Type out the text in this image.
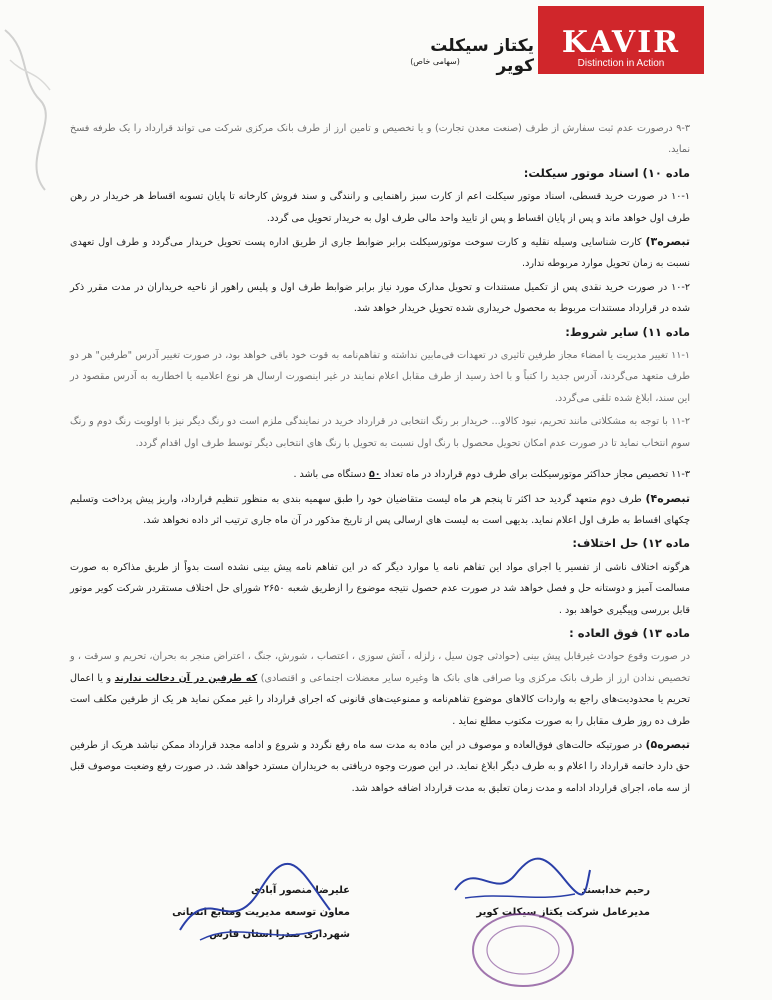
KAVIR
Distinction in Action
یکتاز سیکلت کویر
(سهامی خاص)

۹-۳ درصورت عدم ثبت سفارش از طرف (صنعت معدن تجارت) و یا تخصیص و تامین ارز از طرف بانک مرکزی شرکت می تواند قرارداد را یک طرفه فسخ نماید.

ماده ۱۰) اسناد موتور سیکلت:

۱۰-۱ در صورت خرید قسطی، اسناد موتور سیکلت اعم از کارت سبز راهنمایی و رانندگی و سند فروش کارخانه تا پایان تسویه اقساط هر خریدار در رهن طرف اول خواهد ماند و پس از پایان اقساط و پس از تایید واحد مالی طرف اول به خریدار تحویل می گردد.

تبصره۳) کارت شناسایی وسیله نقلیه و کارت سوخت موتورسیکلت برابر ضوابط جاری از طریق اداره پست تحویل خریدار می‌گردد و طرف اول تعهدی نسبت به زمان تحویل موارد مربوطه ندارد.

۱۰-۲ در صورت خرید نقدی پس از تکمیل مستندات و تحویل مدارک مورد نیاز برابر ضوابط طرف اول و پلیس راهور از ناحیه خریداران در مدت مقرر ذکر شده در قرارداد مستندات مربوط به محصول خریداری شده تحویل خریدار خواهد شد.

ماده ۱۱) سایر شروط:

۱۱-۱ تغییر مدیریت یا امضاء مجاز طرفین تاثیری در تعهدات فی‌مابین نداشته و تفاهم‌نامه به قوت خود باقی خواهد بود، در صورت تغییر آدرس "طرفین" هر دو طرف متعهد می‌گردند، آدرس جدید را کتباً و با اخذ رسید از طرف مقابل اعلام نمایند در غیر اینصورت ارسال هر نوع اعلامیه یا اخطاریه به آدرس مقصود در این سند، ابلاغ شده تلقی می‌گردد.

۱۱-۲ با توجه به مشکلاتی مانند تحریم، نبود کالاو... خریدار بر رنگ انتخابی در قرارداد خرید در نمایندگی ملزم است دو رنگ دیگر نیز با اولویت رنگ دوم و رنگ سوم انتخاب نماید تا در صورت عدم امکان تحویل محصول با رنگ اول نسبت به تحویل با رنگ های انتخابی دیگر توسط طرف اول اقدام گردد.

۱۱-۳ تخصیص مجاز حداکثر موتورسیکلت برای طرف دوم قرارداد در ماه تعداد ۵۰ دستگاه می باشد .

تبصره۴) طرف دوم متعهد گردید حد اکثر تا پنجم هر ماه لیست متقاضیان خود را طبق سهمیه بندی به منظور تنظیم قرارداد، واریز پیش پرداخت وتسلیم چکهای اقساط به طرف اول اعلام نماید. بدیهی است به لیست های ارسالی پس از تاریخ مذکور در آن ماه جاری ترتیب اثر داده نخواهد شد.

ماده ۱۲) حل اختلاف:

هرگونه اختلاف ناشی از تفسیر یا اجرای مواد این تفاهم نامه یا موارد دیگر که در این تفاهم نامه پیش بینی نشده است بدواً از طریق مذاکره به صورت مسالمت آمیز و دوستانه حل و فصل خواهد شد در صورت عدم حصول نتیجه موضوع را ازطریق شعبه ۲۶۵۰ شورای حل اختلاف مستقردر شرکت کویر موتور قابل بررسی وپیگیری خواهد بود .

ماده ۱۳) فوق العاده :

در صورت وقوع حوادث غیرقابل پیش بینی (حوادثی چون سیل ، زلزله ، آتش سوزی ، اعتصاب ، شورش، جنگ ، اعتراض منجر به بحران، تحریم و سرقت ، و تخصیص ندادن ارز از طرف بانک مرکزی وبا صرافی های بانک ها وغیره سایر معضلات اجتماعی و اقتصادی) که طرفین در آن دخالت ندارند و یا اعمال تحریم یا محدودیت‌های راجع به واردات کالاهای موضوع تفاهم‌نامه و ممنوعیت‌های قانونی که اجرای قرارداد را غیر ممکن نماید هر یک از طرفین مکلف است طرف ده روز طرف مقابل را به صورت مکتوب مطلع نماید .

تبصره۵) در صورتیکه حالت‌های فوق‌العاده و موصوف در این ماده به مدت سه ماه رفع نگردد و شروع و ادامه مجدد قرارداد ممکن نباشد هریک از طرفین حق دارد خاتمه قرارداد را اعلام و به طرف دیگر ابلاغ نماید. در این صورت وجوه دریافتی به خریداران مسترد خواهد شد. در صورت رفع وضعیت موصوف قبل از سه ماه، اجرای قرارداد ادامه و مدت زمان تعلیق به مدت قرارداد اضافه خواهد شد.

رحیم خدابسند
مدیرعامل شرکت یکتاز سیکلت کویر
علیرضا منصور آبادی
معاون توسعه مدیریت ومنابع انسانی
شهرداری صدرا استان فارس
